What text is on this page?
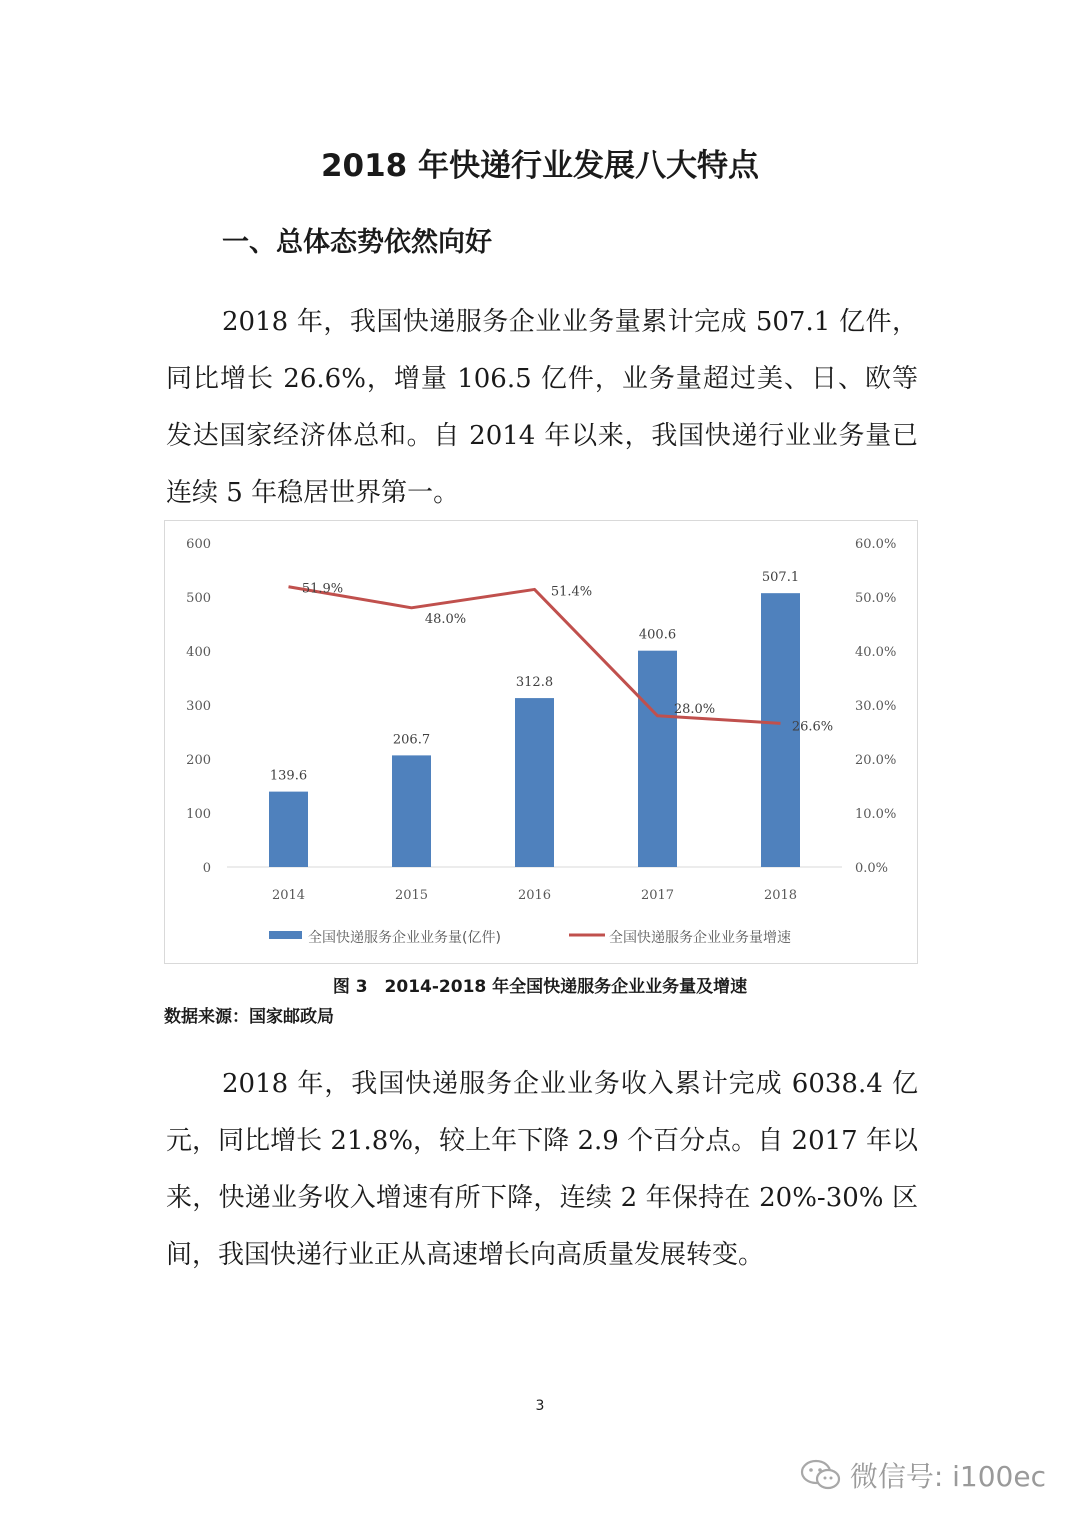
2018 年快递行业发展八大特点
一、总体态势依然向好

2018 年，我国快递服务企业业务量累计完成 507.1 亿件，同比增长 26.6%，增量 106.5 亿件，业务量超过美、日、欧等发达国家经济体总和。自 2014 年以来，我国快递行业业务量已连续 5 年稳居世界第一。

0
100
200
300
400
500
600
0.0%
10.0%
20.0%
30.0%
40.0%
50.0%
60.0%
2014	2015	2016	2017	2018
139.6
206.7
312.8
400.6
507.1
51.9%
48.0%
51.4%
28.0%
26.6%
全国快递服务企业业务量(亿件)	全国快递服务企业业务量增速

图 3　2014-2018 年全国快递服务企业业务量及增速

数据来源：国家邮政局

2018 年，我国快递服务企业业务收入累计完成 6038.4 亿元，同比增长 21.8%，较上年下降 2.9 个百分点。自 2017 年以来，快递业务收入增速有所下降，连续 2 年保持在 20%-30% 区间，我国快递行业正从高速增长向高质量发展转变。

3
微信号: i100ec
